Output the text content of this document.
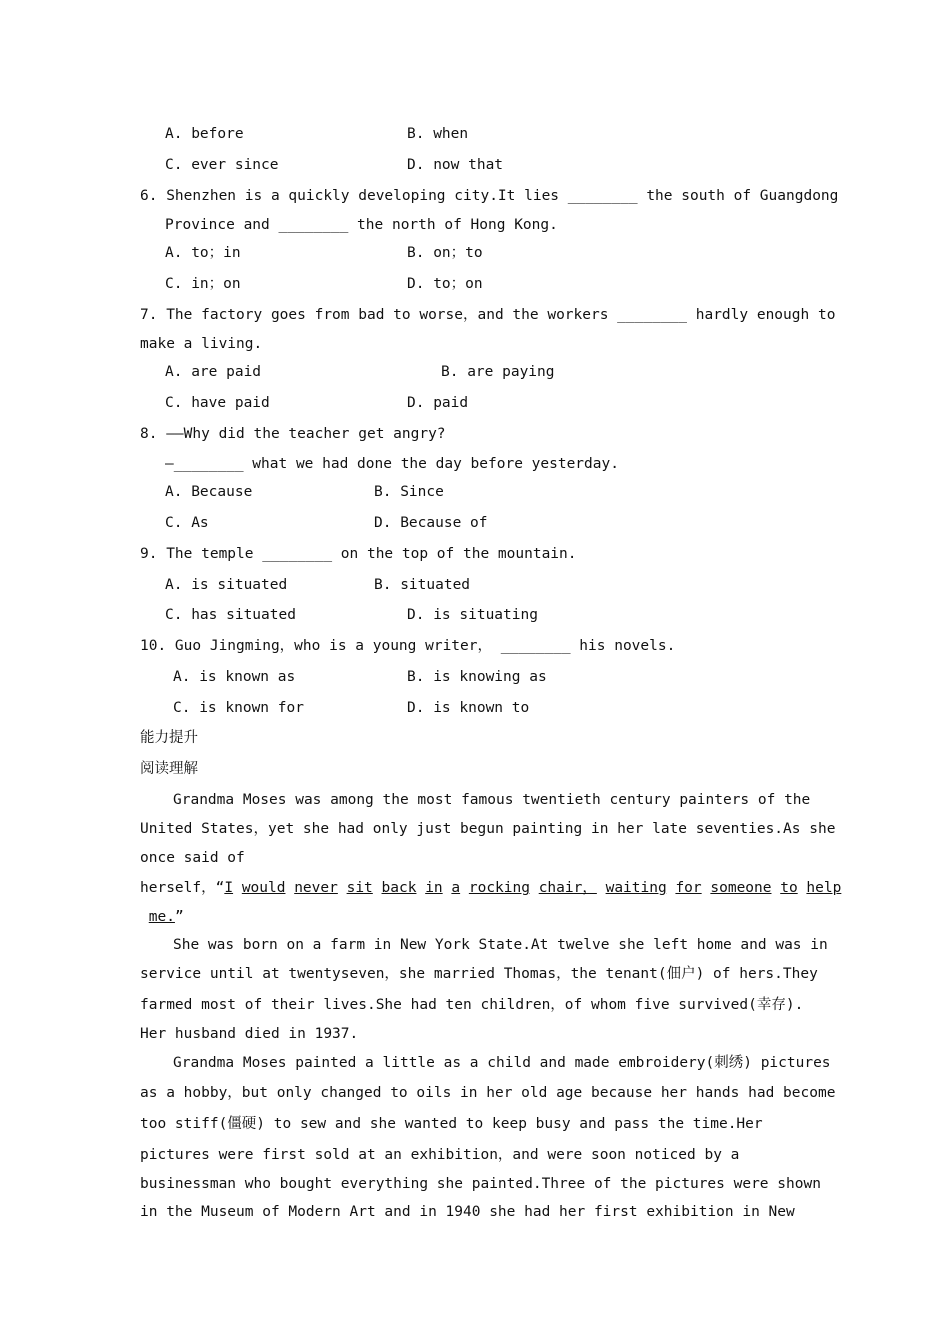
A. before	B. when
C. ever since	D. now that
6. Shenzhen is a quickly developing city.It lies ________ the south of Guangdong
Province and ________ the north of Hong Kong.
A. to；in	B. on；to
C. in；on	D. to；on
7. The factory goes from bad to worse，and the workers ________ hardly enough to
make a living.
A. are paid	B. are paying
C. have paid	D. paid
8. ——Why did the teacher get angry?
—________ what we had done the day before yesterday.
A. Because	B. Since
C. As	D. Because of
9. The temple ________ on the top of the mountain.
A. is situated	B. situated
C. has situated	D. is situating
10. Guo Jingming，who is a young writer， ________ his novels.
A. is known as	B. is knowing as
C. is known for	D. is known to
能力提升
阅读理解
Grandma Moses was among the most famous twentieth century painters of the
United States，yet she had only just begun painting in her late seventies.As she
once said of
herself，“I would never sit back in a rocking chair， waiting for someone to help
me.”
She was born on a farm in New York State.At twelve she left home and was in
service until at twentyseven，she married Thomas，the tenant(佃户) of hers.They
farmed most of their lives.She had ten children，of whom five survived(幸存).
Her husband died in 1937.
Grandma Moses painted a little as a child and made embroidery(刺绣) pictures
as a hobby，but only changed to oils in her old age because her hands had become
too stiff(僵硬) to sew and she wanted to keep busy and pass the time.Her
pictures were first sold at an exhibition，and were soon noticed by a
businessman who bought everything she painted.Three of the pictures were shown
in the Museum of Modern Art and in 1940 she had her first exhibition in New
